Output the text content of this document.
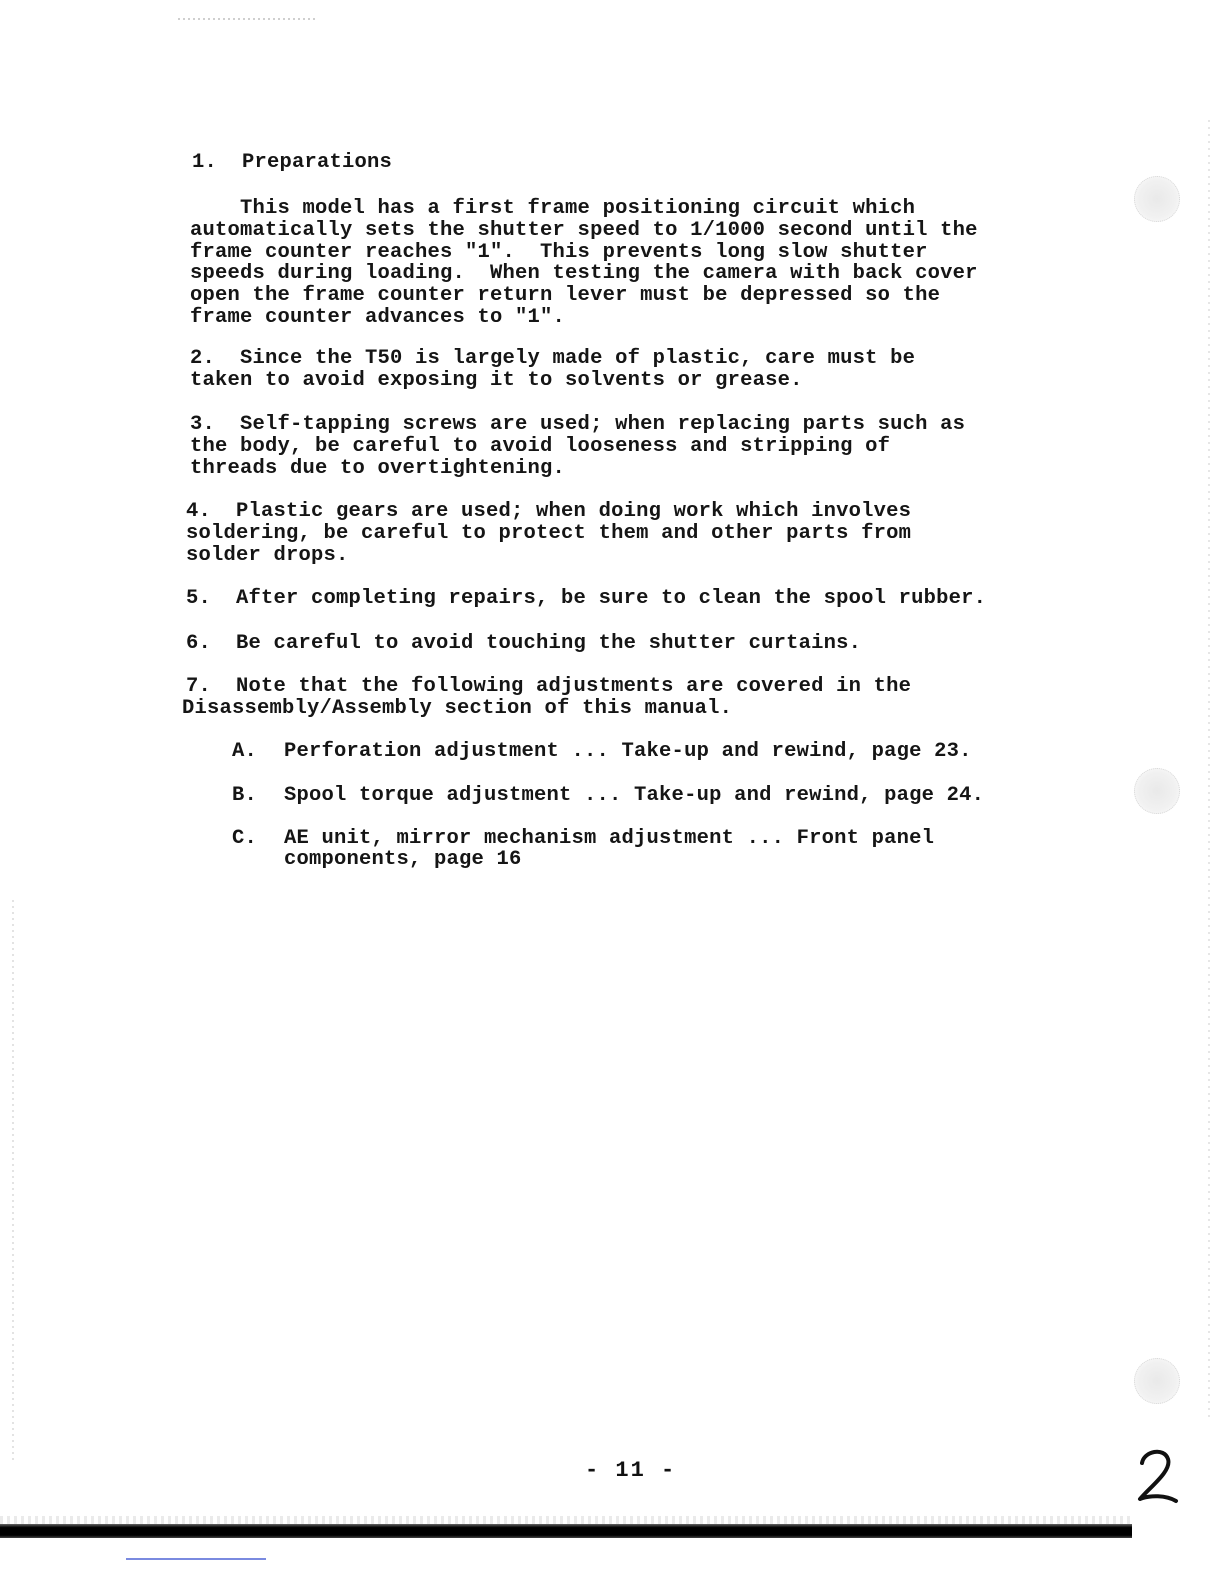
1.  Preparations
This model has a first frame positioning circuit which
automatically sets the shutter speed to 1/1000 second until the
frame counter reaches "1".  This prevents long slow shutter
speeds during loading.  When testing the camera with back cover
open the frame counter return lever must be depressed so the
frame counter advances to "1".
2.  Since the T50 is largely made of plastic, care must be
taken to avoid exposing it to solvents or grease.
3.  Self-tapping screws are used; when replacing parts such as
the body, be careful to avoid looseness and stripping of
threads due to overtightening.
4.  Plastic gears are used; when doing work which involves
soldering, be careful to protect them and other parts from
solder drops.
5.  After completing repairs, be sure to clean the spool rubber.
6.  Be careful to avoid touching the shutter curtains.
7.  Note that the following adjustments are covered in the
Disassembly/Assembly section of this manual.
A. Perforation adjustment ... Take-up and rewind, page 23.
B. Spool torque adjustment ... Take-up and rewind, page 24.
C. AE unit, mirror mechanism adjustment ... Front panel
components, page 16
- 11 -
